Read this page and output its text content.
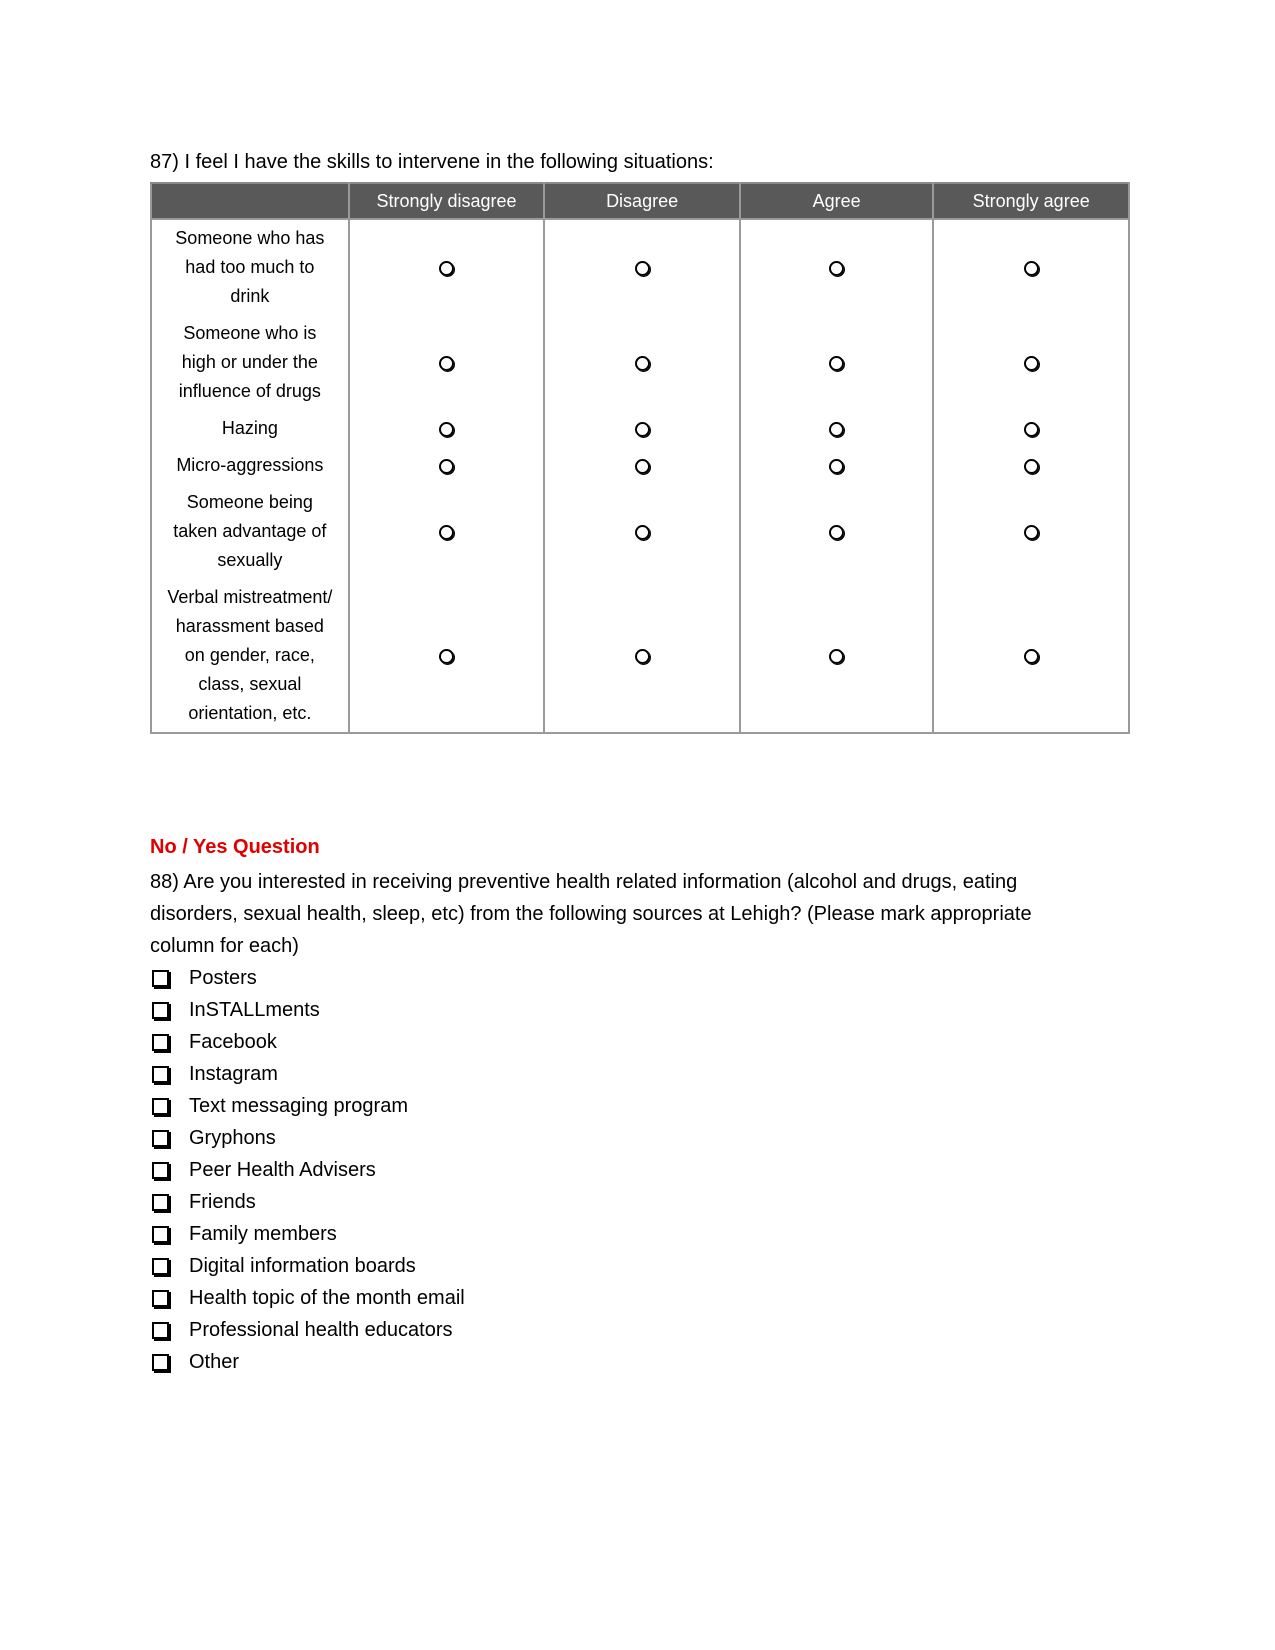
87) I feel I have the skills to intervene in the following situations:

	Strongly disagree	Disagree	Agree	Strongly agree
Someone who has had too much to drink				
Someone who is high or under the influence of drugs				
Hazing				
Micro-aggressions				
Someone being taken advantage of sexually				
Verbal mistreatment/ harassment based on gender, race, class, sexual orientation, etc.				

No / Yes Question

88) Are you interested in receiving preventive health related information (alcohol and drugs, eating disorders, sexual health, sleep, etc) from the following sources at Lehigh? (Please mark appropriate column for each)

Posters
InSTALLments
Facebook
Instagram
Text messaging program
Gryphons
Peer Health Advisers
Friends
Family members
Digital information boards
Health topic of the month email
Professional health educators
Other
